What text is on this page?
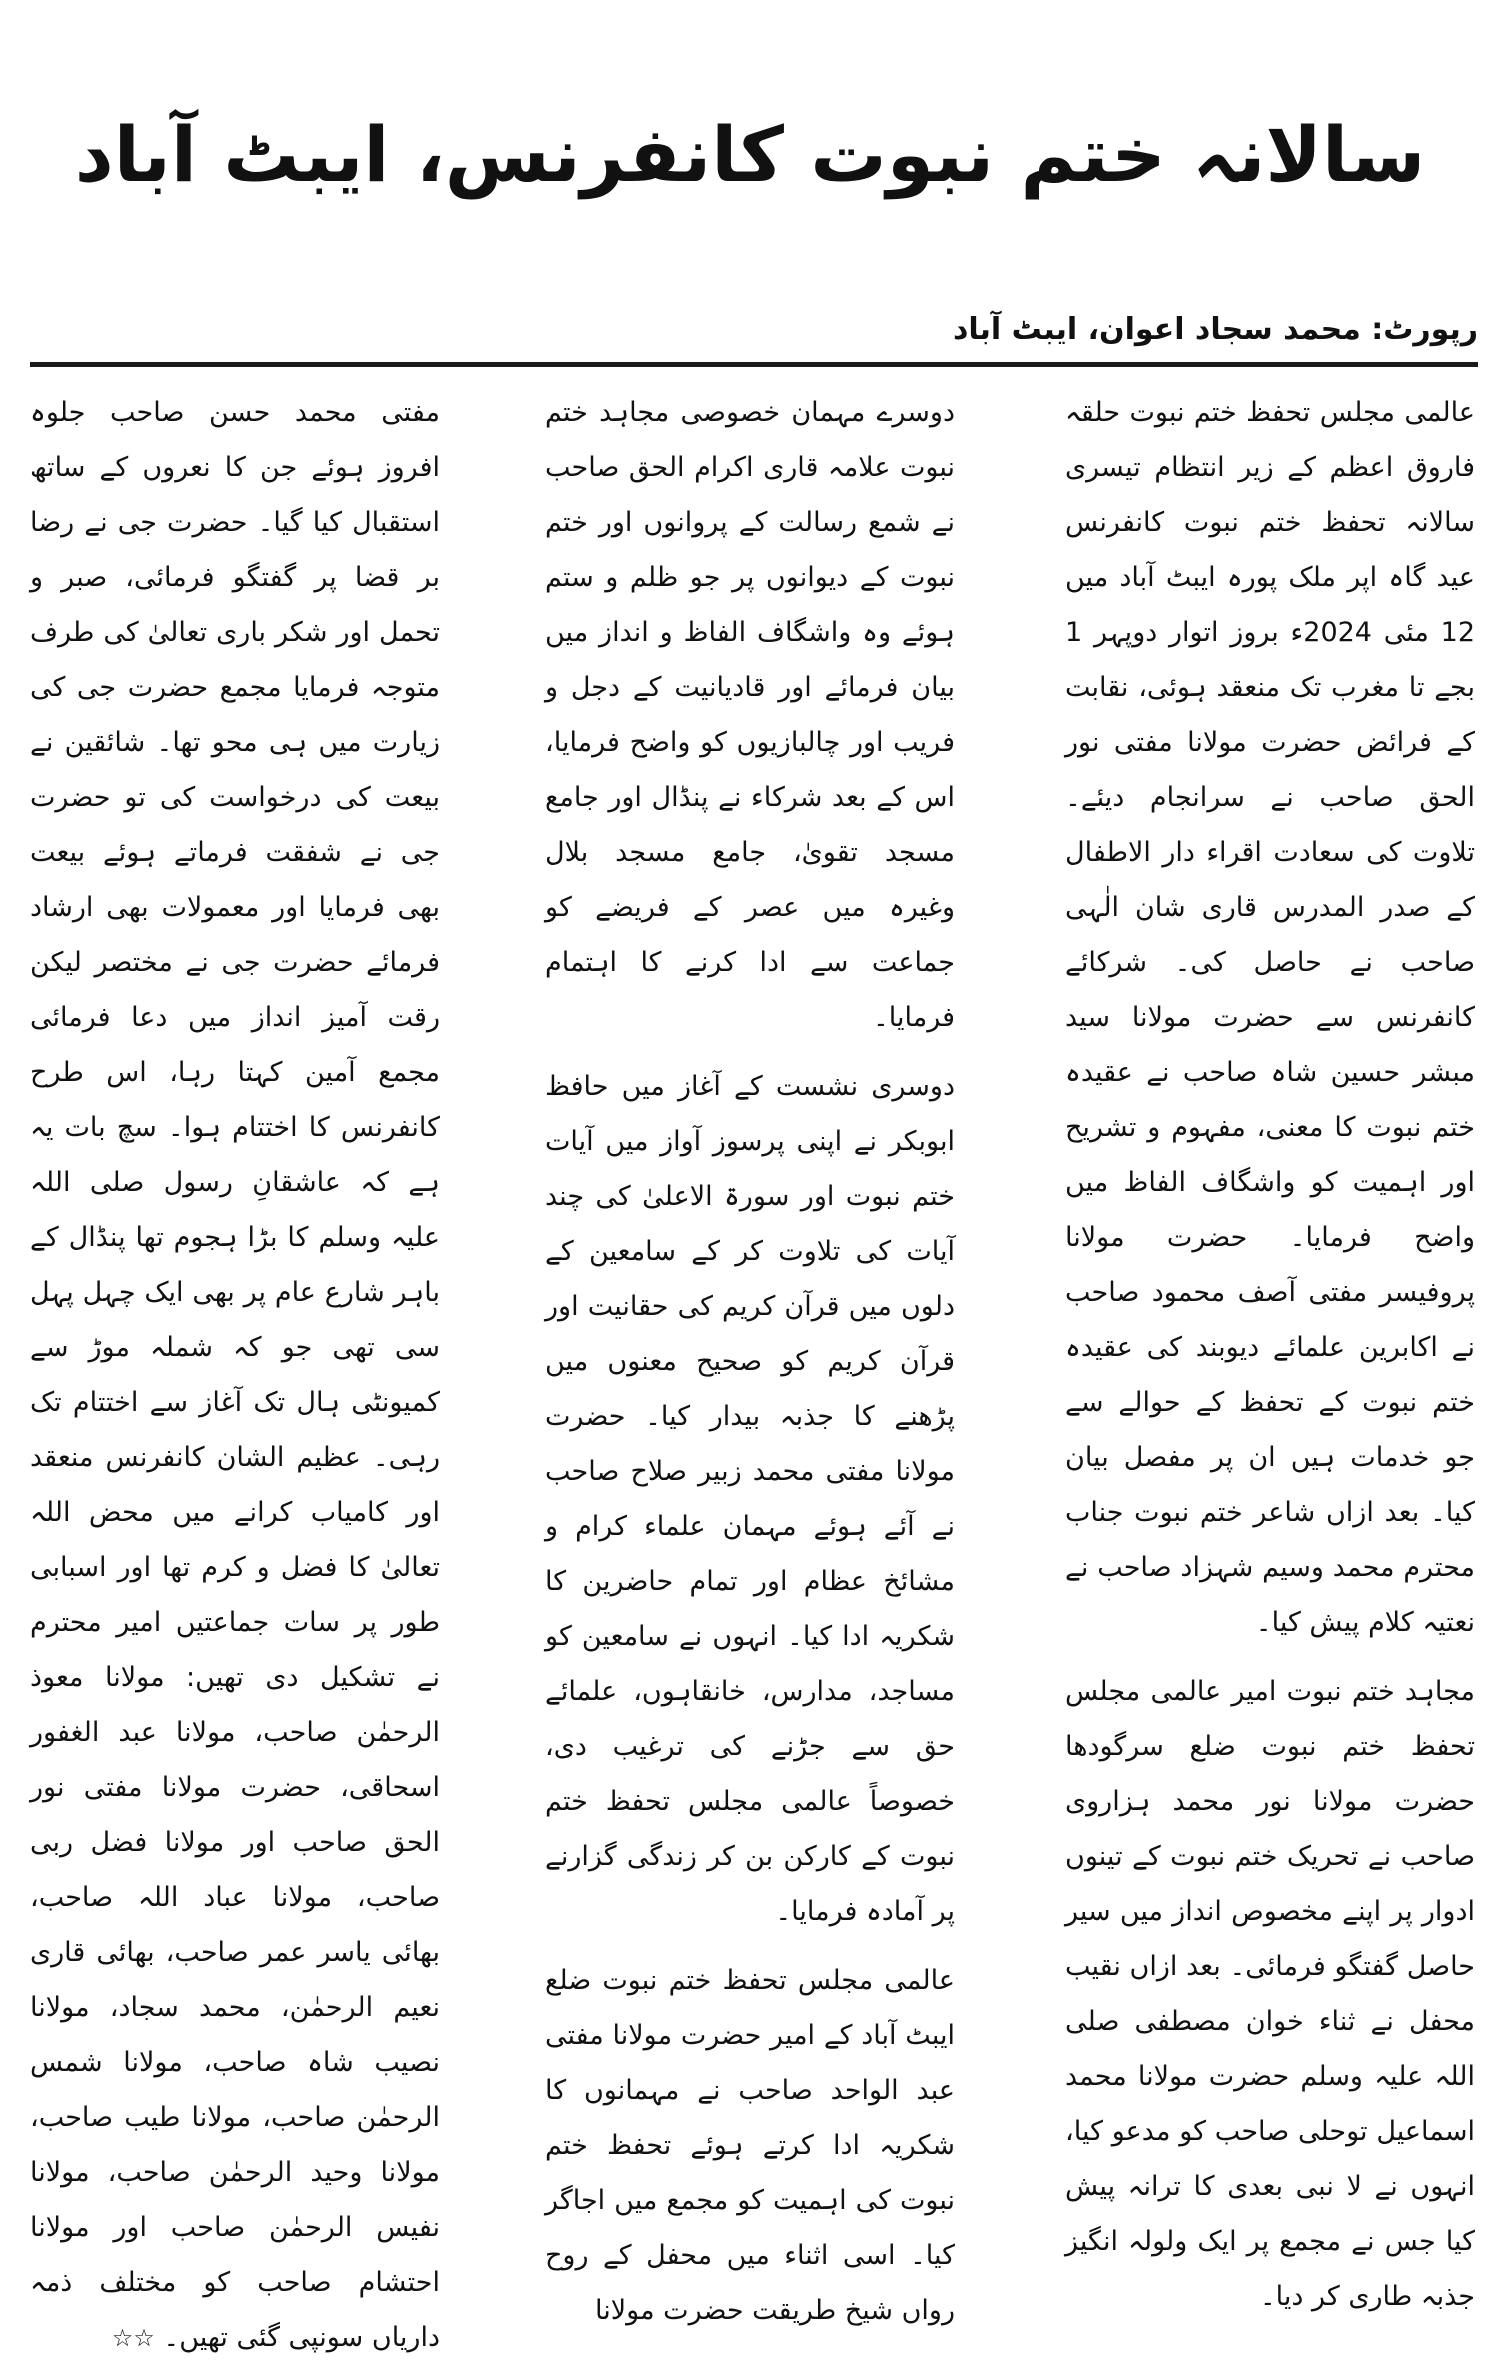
سالانہ ختم نبوت کانفرنس، ایبٹ آباد
رپورٹ: محمد سجاد اعوان، ایبٹ آباد

عالمی مجلس تحفظ ختم نبوت حلقہ فاروق اعظم کے زیر انتظام تیسری سالانہ تحفظ ختم نبوت کانفرنس عید گاہ اپر ملک پورہ ایبٹ آباد میں 12 مئی 2024ء بروز اتوار دوپہر 1 بجے تا مغرب تک منعقد ہوئی، نقابت کے فرائض حضرت مولانا مفتی نور الحق صاحب نے سرانجام دیئے۔ تلاوت کی سعادت اقراء دار الاطفال کے صدر المدرس قاری شان الٰہی صاحب نے حاصل کی۔ شرکائے کانفرنس سے حضرت مولانا سید مبشر حسین شاہ صاحب نے عقیدہ ختم نبوت کا معنی، مفہوم و تشریح اور اہمیت کو واشگاف الفاظ میں واضح فرمایا۔ حضرت مولانا پروفیسر مفتی آصف محمود صاحب نے اکابرین علمائے دیوبند کی عقیدہ ختم نبوت کے تحفظ کے حوالے سے جو خدمات ہیں ان پر مفصل بیان کیا۔ بعد ازاں شاعر ختم نبوت جناب محترم محمد وسیم شہزاد صاحب نے نعتیہ کلام پیش کیا۔

مجاہد ختم نبوت امیر عالمی مجلس تحفظ ختم نبوت ضلع سرگودھا حضرت مولانا نور محمد ہزاروی صاحب نے تحریک ختم نبوت کے تینوں ادوار پر اپنے مخصوص انداز میں سیر حاصل گفتگو فرمائی۔ بعد ازاں نقیب محفل نے ثناء خوان مصطفی صلی اللہ علیہ وسلم حضرت مولانا محمد اسماعیل توحلی صاحب کو مدعو کیا، انہوں نے لا نبی بعدی کا ترانہ پیش کیا جس نے مجمع پر ایک ولولہ انگیز جذبہ طاری کر دیا۔

دوسرے مہمان خصوصی مجاہد ختم نبوت علامہ قاری اکرام الحق صاحب نے شمع رسالت کے پروانوں اور ختم نبوت کے دیوانوں پر جو ظلم و ستم ہوئے وہ واشگاف الفاظ و انداز میں بیان فرمائے اور قادیانیت کے دجل و فریب اور چالبازیوں کو واضح فرمایا، اس کے بعد شرکاء نے پنڈال اور جامع مسجد تقویٰ، جامع مسجد بلال وغیرہ میں عصر کے فریضے کو جماعت سے ادا کرنے کا اہتمام فرمایا۔

دوسری نشست کے آغاز میں حافظ ابوبکر نے اپنی پرسوز آواز میں آیات ختم نبوت اور سورۃ الاعلیٰ کی چند آیات کی تلاوت کر کے سامعین کے دلوں میں قرآن کریم کی حقانیت اور قرآن کریم کو صحیح معنوں میں پڑھنے کا جذبہ بیدار کیا۔ حضرت مولانا مفتی محمد زبیر صلاح صاحب نے آئے ہوئے مہمان علماء کرام و مشائخ عظام اور تمام حاضرین کا شکریہ ادا کیا۔ انہوں نے سامعین کو مساجد، مدارس، خانقاہوں، علمائے حق سے جڑنے کی ترغیب دی، خصوصاً عالمی مجلس تحفظ ختم نبوت کے کارکن بن کر زندگی گزارنے پر آمادہ فرمایا۔

عالمی مجلس تحفظ ختم نبوت ضلع ایبٹ آباد کے امیر حضرت مولانا مفتی عبد الواحد صاحب نے مہمانوں کا شکریہ ادا کرتے ہوئے تحفظ ختم نبوت کی اہمیت کو مجمع میں اجاگر کیا۔ اسی اثناء میں محفل کے روح رواں شیخ طریقت حضرت مولانا

مفتی محمد حسن صاحب جلوہ افروز ہوئے جن کا نعروں کے ساتھ استقبال کیا گیا۔ حضرت جی نے رضا بر قضا پر گفتگو فرمائی، صبر و تحمل اور شکر باری تعالیٰ کی طرف متوجہ فرمایا مجمع حضرت جی کی زیارت میں ہی محو تھا۔ شائقین نے بیعت کی درخواست کی تو حضرت جی نے شفقت فرماتے ہوئے بیعت بھی فرمایا اور معمولات بھی ارشاد فرمائے حضرت جی نے مختصر لیکن رقت آمیز انداز میں دعا فرمائی مجمع آمین کہتا رہا، اس طرح کانفرنس کا اختتام ہوا۔ سچ بات یہ ہے کہ عاشقانِ رسول صلی اللہ علیہ وسلم کا بڑا ہجوم تھا پنڈال کے باہر شارع عام پر بھی ایک چہل پہل سی تھی جو کہ شملہ موڑ سے کمیونٹی ہال تک آغاز سے اختتام تک رہی۔ عظیم الشان کانفرنس منعقد اور کامیاب کرانے میں محض اللہ تعالیٰ کا فضل و کرم تھا اور اسبابی طور پر سات جماعتیں امیر محترم نے تشکیل دی تھیں: مولانا معوذ الرحمٰن صاحب، مولانا عبد الغفور اسحاقی، حضرت مولانا مفتی نور الحق صاحب اور مولانا فضل ربی صاحب، مولانا عباد اللہ صاحب، بھائی یاسر عمر صاحب، بھائی قاری نعیم الرحمٰن، محمد سجاد، مولانا نصیب شاہ صاحب، مولانا شمس الرحمٰن صاحب، مولانا طیب صاحب، مولانا وحید الرحمٰن صاحب، مولانا نفیس الرحمٰن صاحب اور مولانا احتشام صاحب کو مختلف ذمہ داریاں سونپی گئی تھیں۔ ☆☆
